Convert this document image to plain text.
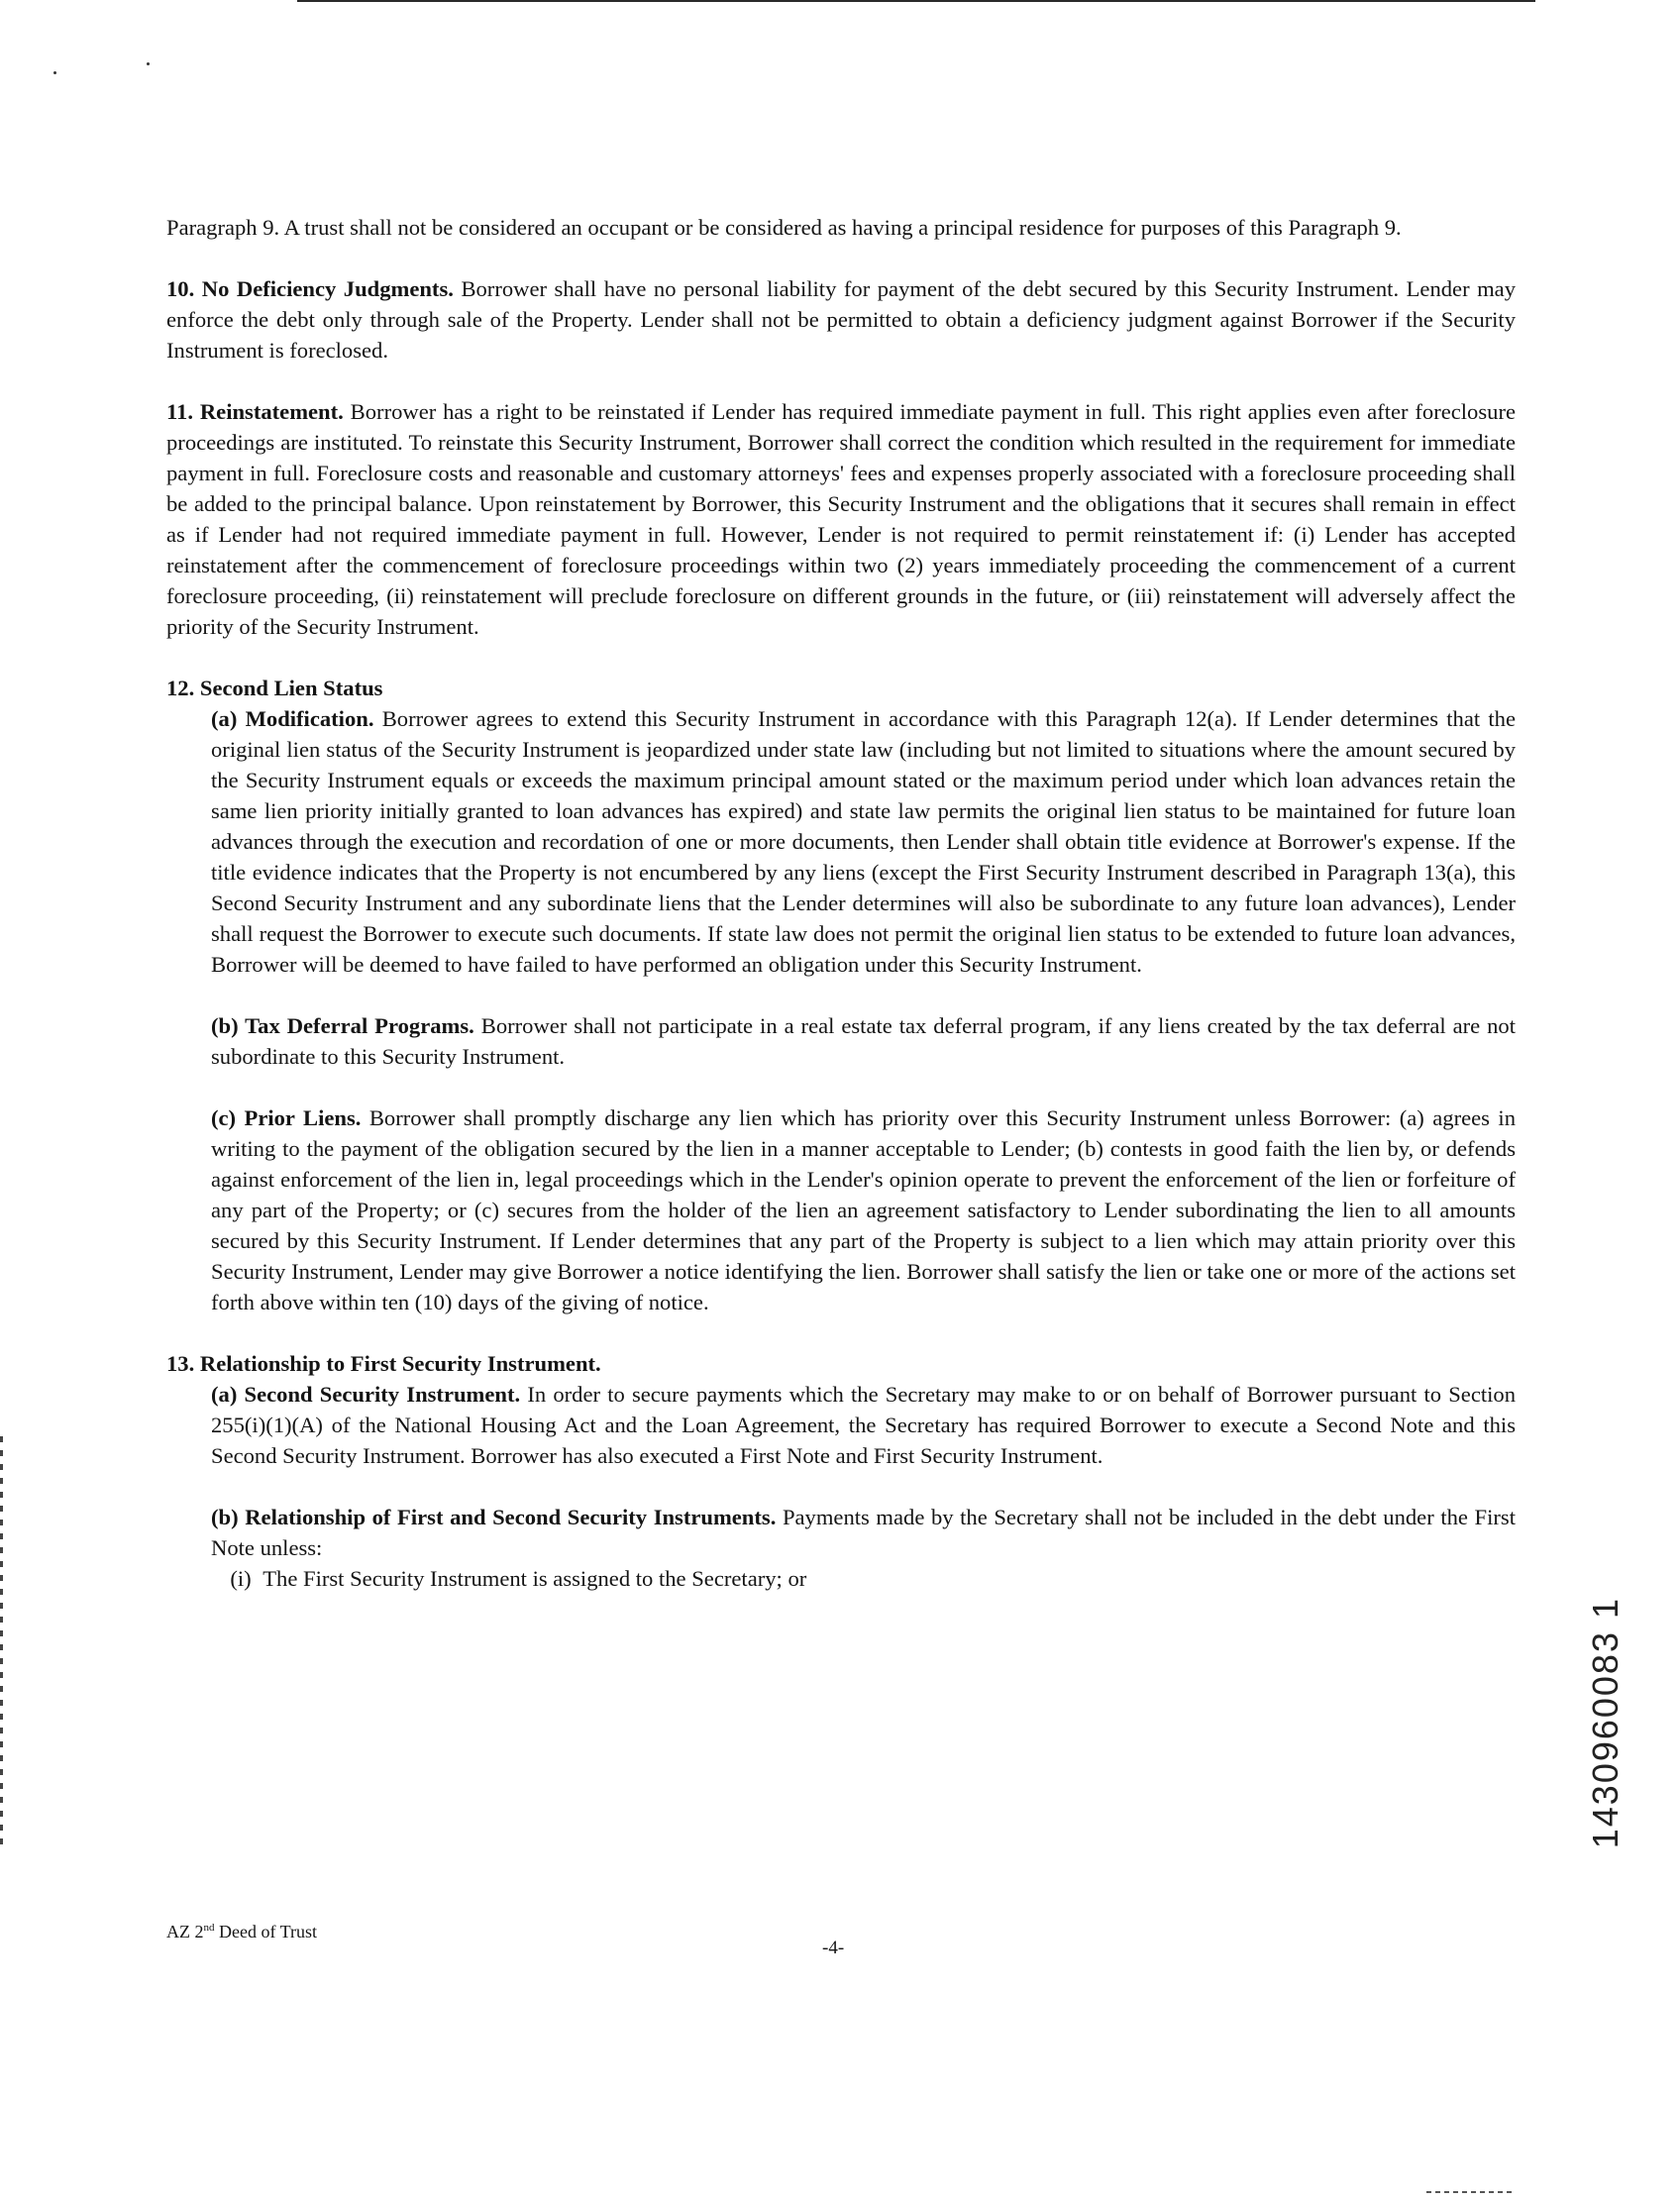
Paragraph 9. A trust shall not be considered an occupant or be considered as having a principal residence for purposes of this Paragraph 9.

10. No Deficiency Judgments. Borrower shall have no personal liability for payment of the debt secured by this Security Instrument. Lender may enforce the debt only through sale of the Property. Lender shall not be permitted to obtain a deficiency judgment against Borrower if the Security Instrument is foreclosed.

11. Reinstatement. Borrower has a right to be reinstated if Lender has required immediate payment in full. This right applies even after foreclosure proceedings are instituted. To reinstate this Security Instrument, Borrower shall correct the condition which resulted in the requirement for immediate payment in full. Foreclosure costs and reasonable and customary attorneys' fees and expenses properly associated with a foreclosure proceeding shall be added to the principal balance. Upon reinstatement by Borrower, this Security Instrument and the obligations that it secures shall remain in effect as if Lender had not required immediate payment in full. However, Lender is not required to permit reinstatement if: (i) Lender has accepted reinstatement after the commencement of foreclosure proceedings within two (2) years immediately proceeding the commencement of a current foreclosure proceeding, (ii) reinstatement will preclude foreclosure on different grounds in the future, or (iii) reinstatement will adversely affect the priority of the Security Instrument.

12. Second Lien Status

(a) Modification. Borrower agrees to extend this Security Instrument in accordance with this Paragraph 12(a). If Lender determines that the original lien status of the Security Instrument is jeopardized under state law (including but not limited to situations where the amount secured by the Security Instrument equals or exceeds the maximum principal amount stated or the maximum period under which loan advances retain the same lien priority initially granted to loan advances has expired) and state law permits the original lien status to be maintained for future loan advances through the execution and recordation of one or more documents, then Lender shall obtain title evidence at Borrower's expense. If the title evidence indicates that the Property is not encumbered by any liens (except the First Security Instrument described in Paragraph 13(a), this Second Security Instrument and any subordinate liens that the Lender determines will also be subordinate to any future loan advances), Lender shall request the Borrower to execute such documents. If state law does not permit the original lien status to be extended to future loan advances, Borrower will be deemed to have failed to have performed an obligation under this Security Instrument.

(b) Tax Deferral Programs. Borrower shall not participate in a real estate tax deferral program, if any liens created by the tax deferral are not subordinate to this Security Instrument.

(c) Prior Liens. Borrower shall promptly discharge any lien which has priority over this Security Instrument unless Borrower: (a) agrees in writing to the payment of the obligation secured by the lien in a manner acceptable to Lender; (b) contests in good faith the lien by, or defends against enforcement of the lien in, legal proceedings which in the Lender's opinion operate to prevent the enforcement of the lien or forfeiture of any part of the Property; or (c) secures from the holder of the lien an agreement satisfactory to Lender subordinating the lien to all amounts secured by this Security Instrument. If Lender determines that any part of the Property is subject to a lien which may attain priority over this Security Instrument, Lender may give Borrower a notice identifying the lien. Borrower shall satisfy the lien or take one or more of the actions set forth above within ten (10) days of the giving of notice.

13. Relationship to First Security Instrument.

(a) Second Security Instrument. In order to secure payments which the Secretary may make to or on behalf of Borrower pursuant to Section 255(i)(1)(A) of the National Housing Act and the Loan Agreement, the Secretary has required Borrower to execute a Second Note and this Second Security Instrument. Borrower has also executed a First Note and First Security Instrument.

(b) Relationship of First and Second Security Instruments. Payments made by the Secretary shall not be included in the debt under the First Note unless:

(i) The First Security Instrument is assigned to the Secretary; or

AZ 2nd Deed of Trust
-4-
1430960083 1
